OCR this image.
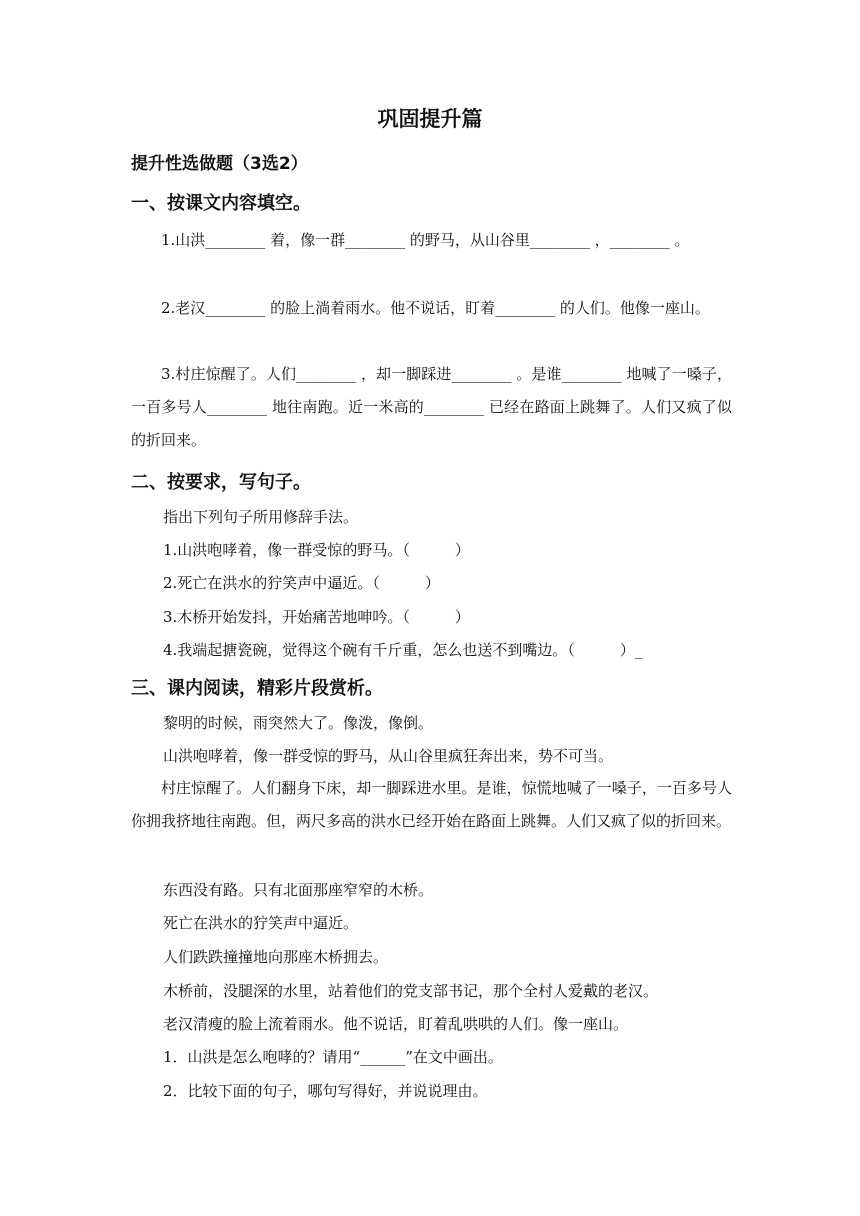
巩固提升篇
提升性选做题（3选2）
一、按课文内容填空。

1.山洪________ 着，像一群________ 的野马，从山谷里________ ，________ 。

2.老汉________ 的脸上淌着雨水。他不说话，盯着________ 的人们。他像一座山。

3.村庄惊醒了。人们________ ，却一脚踩进________ 。是谁________ 地喊了一嗓子，一百多号人________ 地往南跑。近一米高的________ 已经在路面上跳舞了。人们又疯了似的折回来。

二、按要求，写句子。

指出下列句子所用修辞手法。

1.山洪咆哮着，像一群受惊的野马。（　　　）

2.死亡在洪水的狞笑声中逼近。（　　　）

3.木桥开始发抖，开始痛苦地呻吟。（　　　）

4.我端起搪瓷碗，觉得这个碗有千斤重，怎么也送不到嘴边。（　　　）_

三、课内阅读，精彩片段赏析。

黎明的时候，雨突然大了。像泼，像倒。

山洪咆哮着，像一群受惊的野马，从山谷里疯狂奔出来，势不可当。

村庄惊醒了。人们翻身下床，却一脚踩进水里。是谁，惊慌地喊了一嗓子，一百多号人你拥我挤地往南跑。但，两尺多高的洪水已经开始在路面上跳舞。人们又疯了似的折回来。

东西没有路。只有北面那座窄窄的木桥。

死亡在洪水的狞笑声中逼近。

人们跌跌撞撞地向那座木桥拥去。

木桥前，没腿深的水里，站着他们的党支部书记，那个全村人爱戴的老汉。

老汉清瘦的脸上流着雨水。他不说话，盯着乱哄哄的人们。像一座山。

1．山洪是怎么咆哮的？请用“______”在文中画出。

2．比较下面的句子，哪句写得好，并说说理由。
